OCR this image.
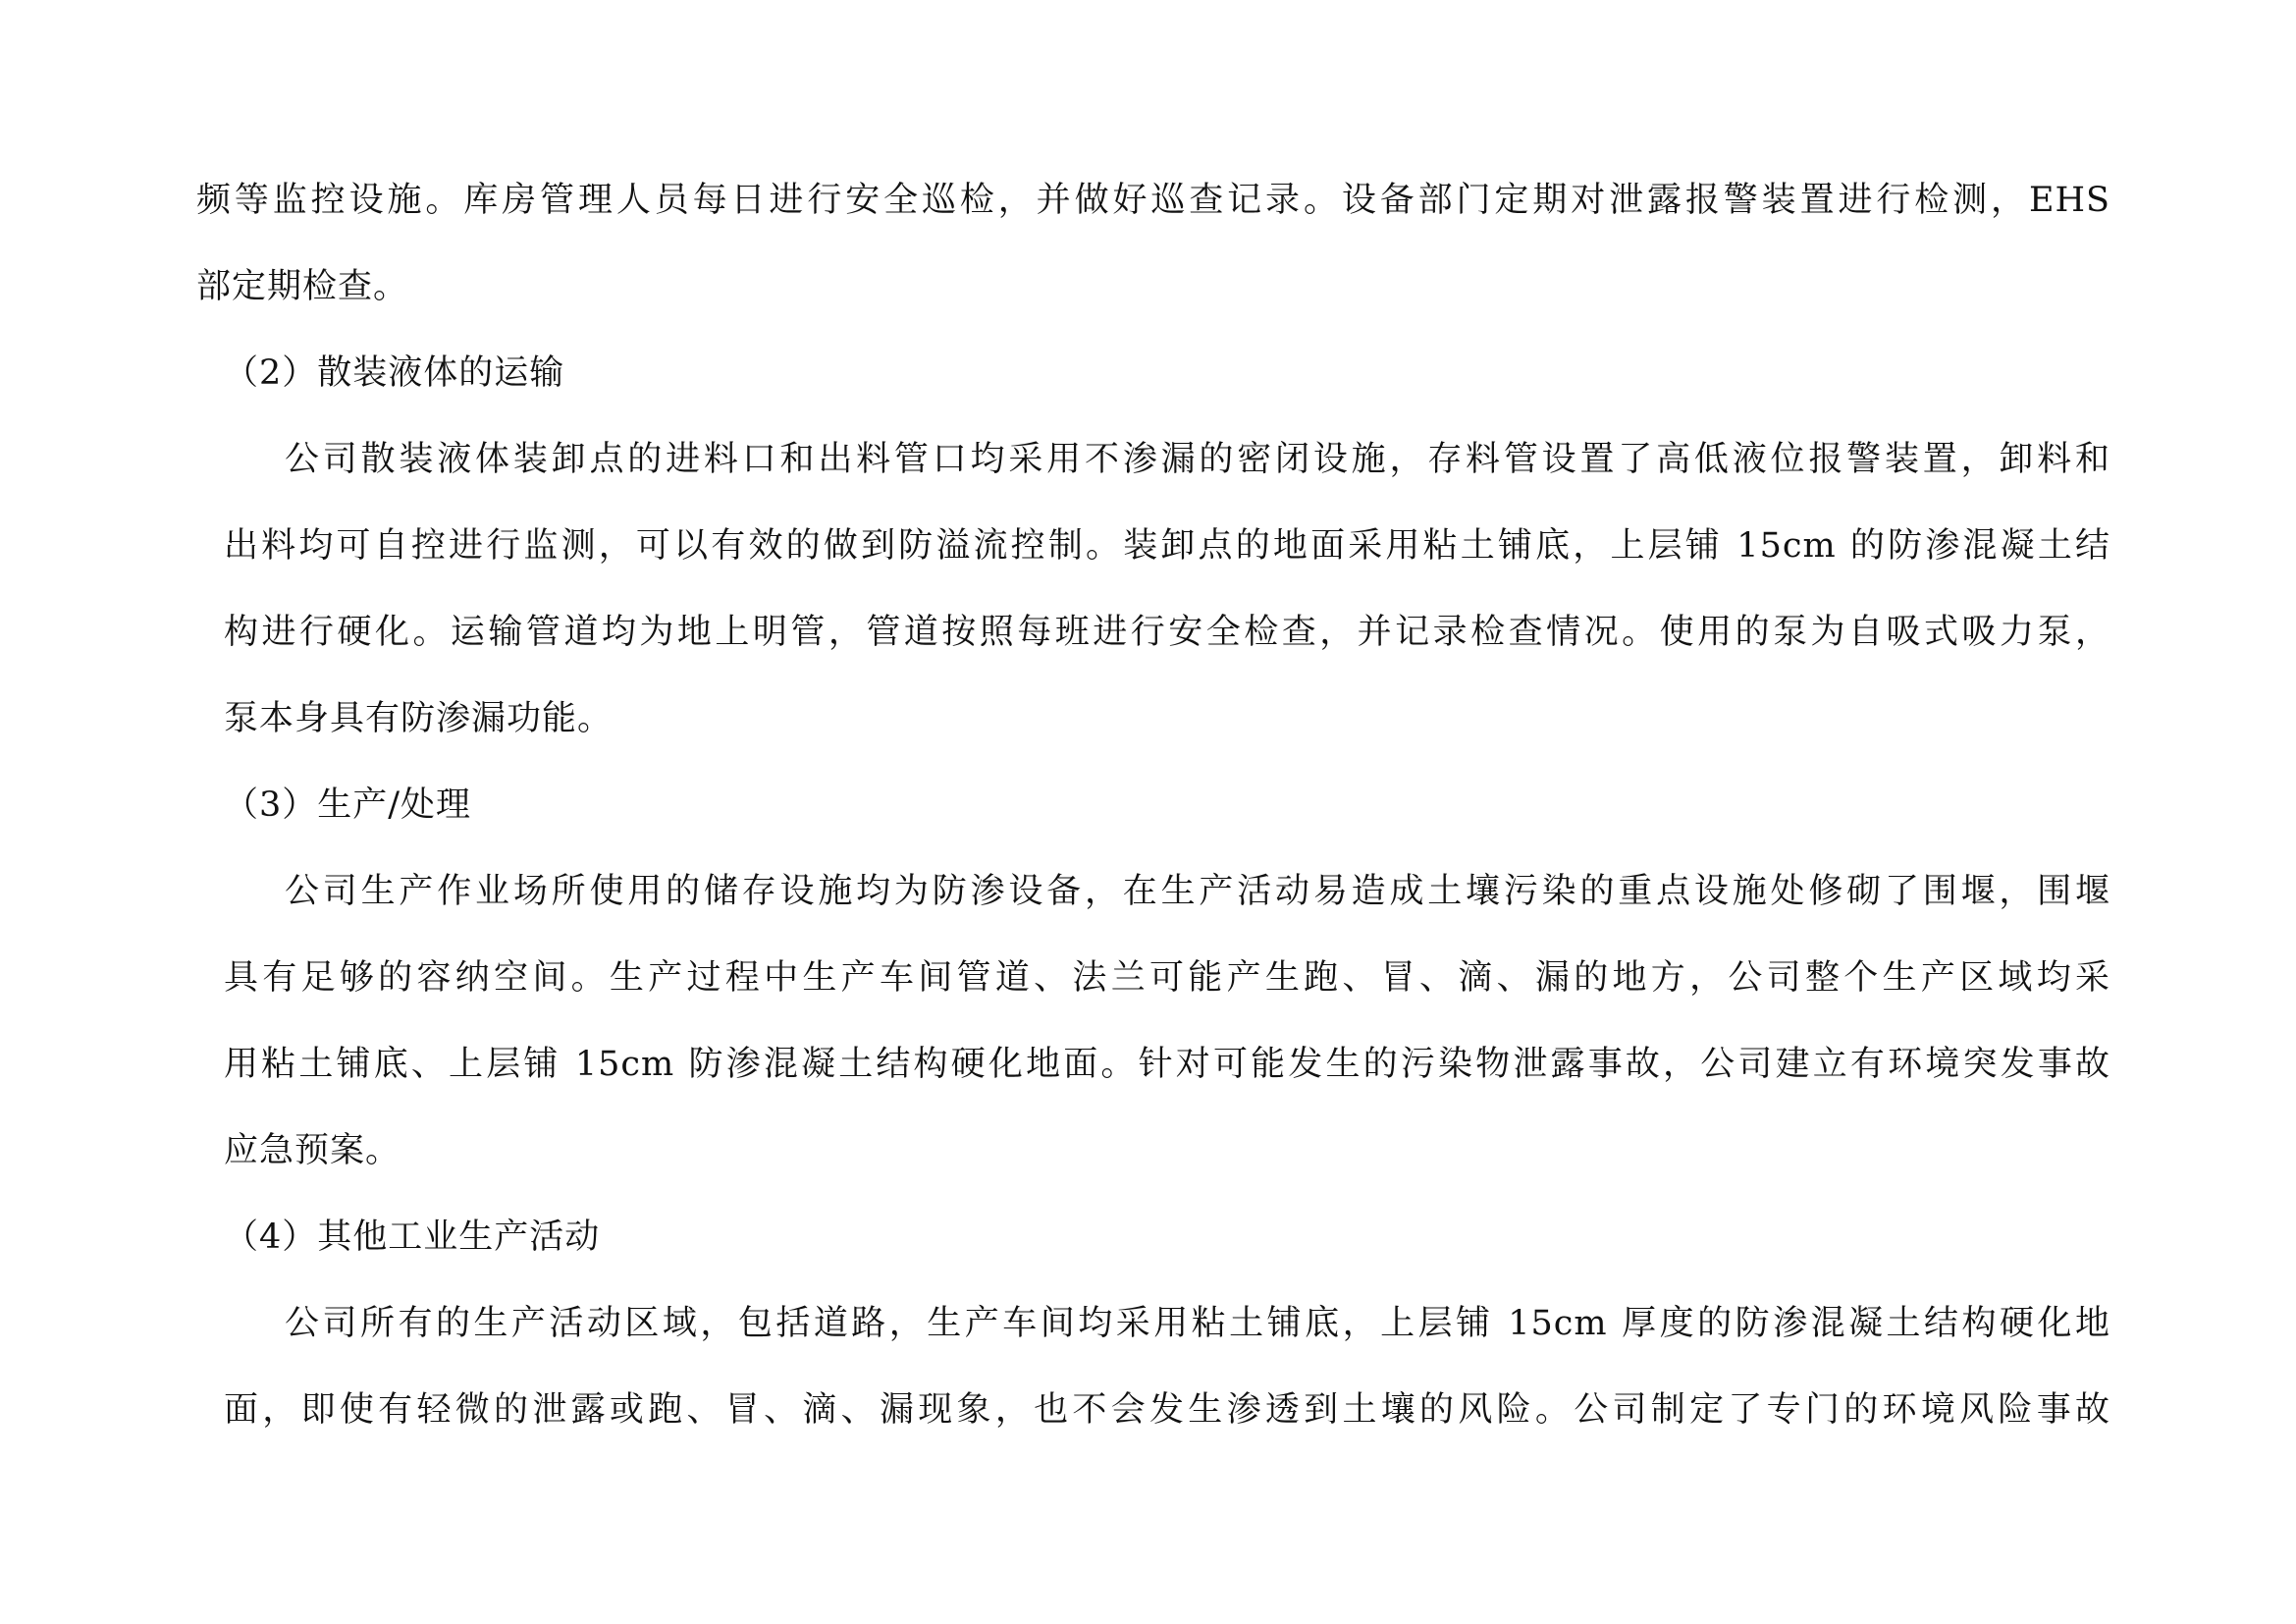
频等监控设施。库房管理人员每日进行安全巡检，并做好巡查记录。设备部门定期对泄露报警装置进行检测，EHS
部定期检查。
（2）散装液体的运输
公司散装液体装卸点的进料口和出料管口均采用不渗漏的密闭设施，存料管设置了高低液位报警装置，卸料和
出料均可自控进行监测，可以有效的做到防溢流控制。装卸点的地面采用粘土铺底，上层铺 15cm 的防渗混凝土结
构进行硬化。运输管道均为地上明管，管道按照每班进行安全检查，并记录检查情况。使用的泵为自吸式吸力泵，
泵本身具有防渗漏功能。
（3）生产/处理
公司生产作业场所使用的储存设施均为防渗设备，在生产活动易造成土壤污染的重点设施处修砌了围堰，围堰
具有足够的容纳空间。生产过程中生产车间管道、法兰可能产生跑、冒、滴、漏的地方，公司整个生产区域均采
用粘土铺底、上层铺 15cm 防渗混凝土结构硬化地面。针对可能发生的污染物泄露事故，公司建立有环境突发事故
应急预案。
（4）其他工业生产活动
公司所有的生产活动区域，包括道路，生产车间均采用粘土铺底，上层铺 15cm 厚度的防渗混凝土结构硬化地
面，即使有轻微的泄露或跑、冒、滴、漏现象，也不会发生渗透到土壤的风险。公司制定了专门的环境风险事故
